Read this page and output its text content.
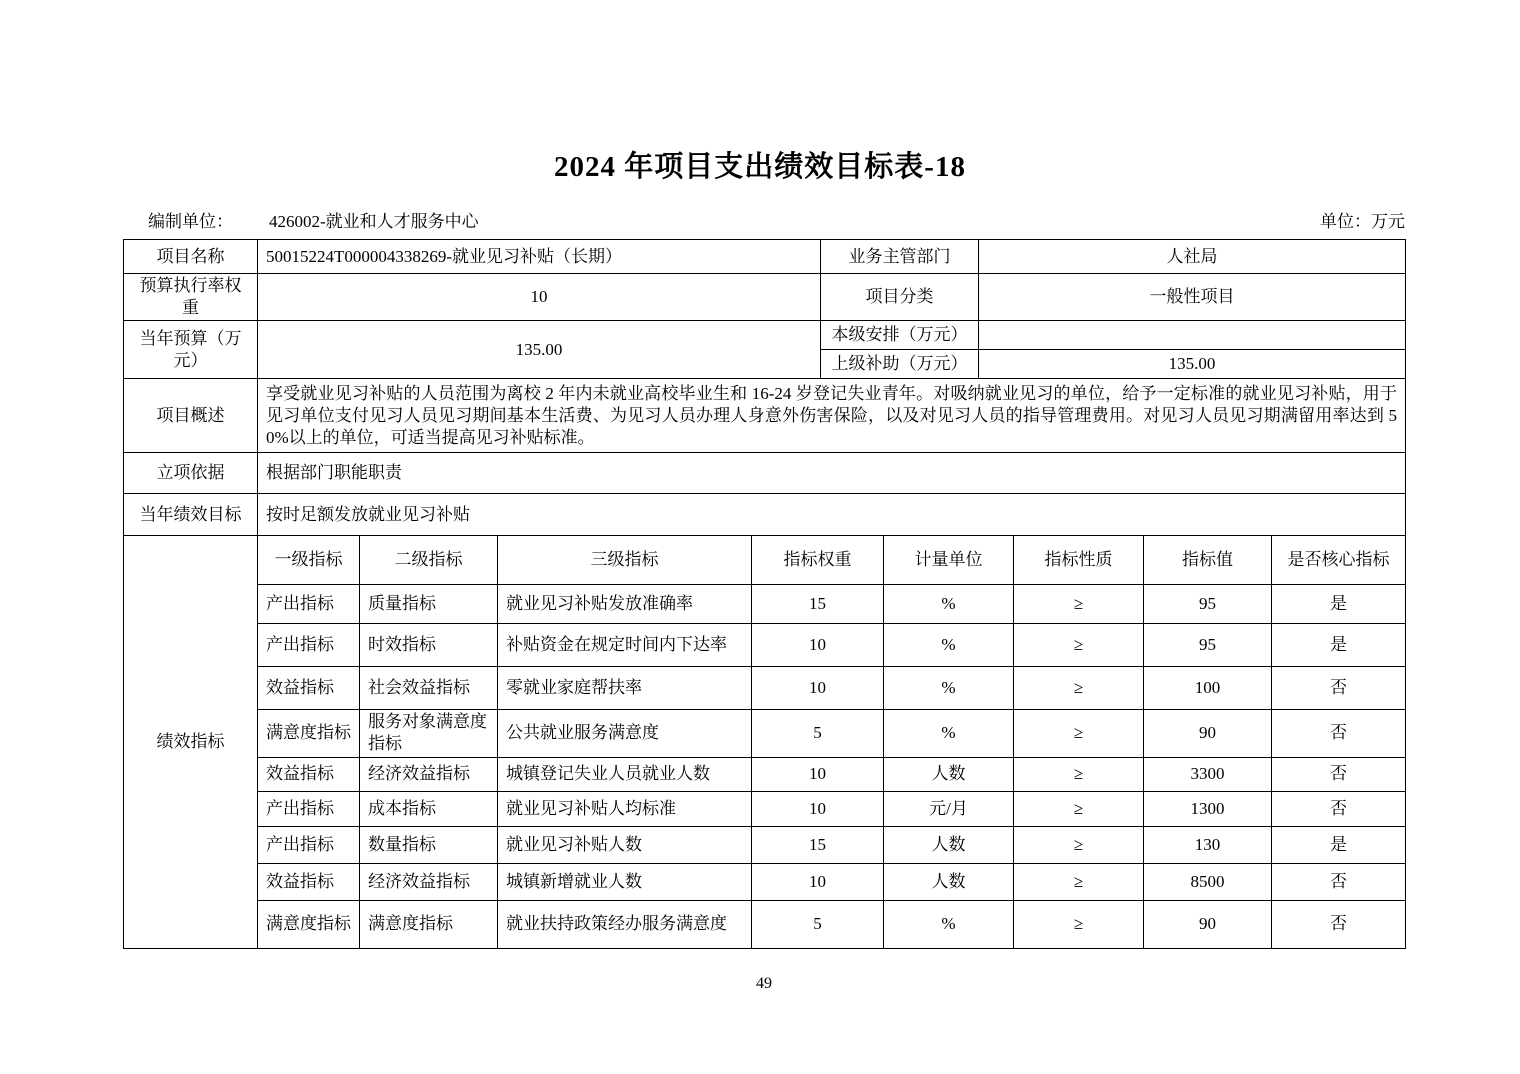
2024 年项目支出绩效目标表-18
编制单位： 426002-就业和人才服务中心	单位：万元
项目名称	50015224T000004338269-就业见习补贴（长期）	业务主管部门	人社局
预算执行率权重	10	项目分类	一般性项目
当年预算（万元）	135.00	本级安排（万元）	
		上级补助（万元）	135.00
项目概述	享受就业见习补贴的人员范围为离校 2 年内未就业高校毕业生和 16-24 岁登记失业青年。对吸纳就业见习的单位，给予一定标准的就业见习补贴，用于见习单位支付见习人员见习期间基本生活费、为见习人员办理人身意外伤害保险，以及对见习人员的指导管理费用。对见习人员见习期满留用率达到 50%以上的单位，可适当提高见习补贴标准。		
立项依据	根据部门职能职责		
当年绩效目标	按时足额发放就业见习补贴		
绩效指标	一级指标	二级指标	三级指标	指标权重	计量单位	指标性质	指标值	是否核心指标
	产出指标	质量指标	就业见习补贴发放准确率	15	%	≥	95	是
	产出指标	时效指标	补贴资金在规定时间内下达率	10	%	≥	95	是
	效益指标	社会效益指标	零就业家庭帮扶率	10	%	≥	100	否
	满意度指标	服务对象满意度指标	公共就业服务满意度	5	%	≥	90	否
	效益指标	经济效益指标	城镇登记失业人员就业人数	10	人数	≥	3300	否
	产出指标	成本指标	就业见习补贴人均标准	10	元/月	≥	1300	否
	产出指标	数量指标	就业见习补贴人数	15	人数	≥	130	是
	效益指标	经济效益指标	城镇新增就业人数	10	人数	≥	8500	否
	满意度指标	满意度指标	就业扶持政策经办服务满意度	5	%	≥	90	否
49
